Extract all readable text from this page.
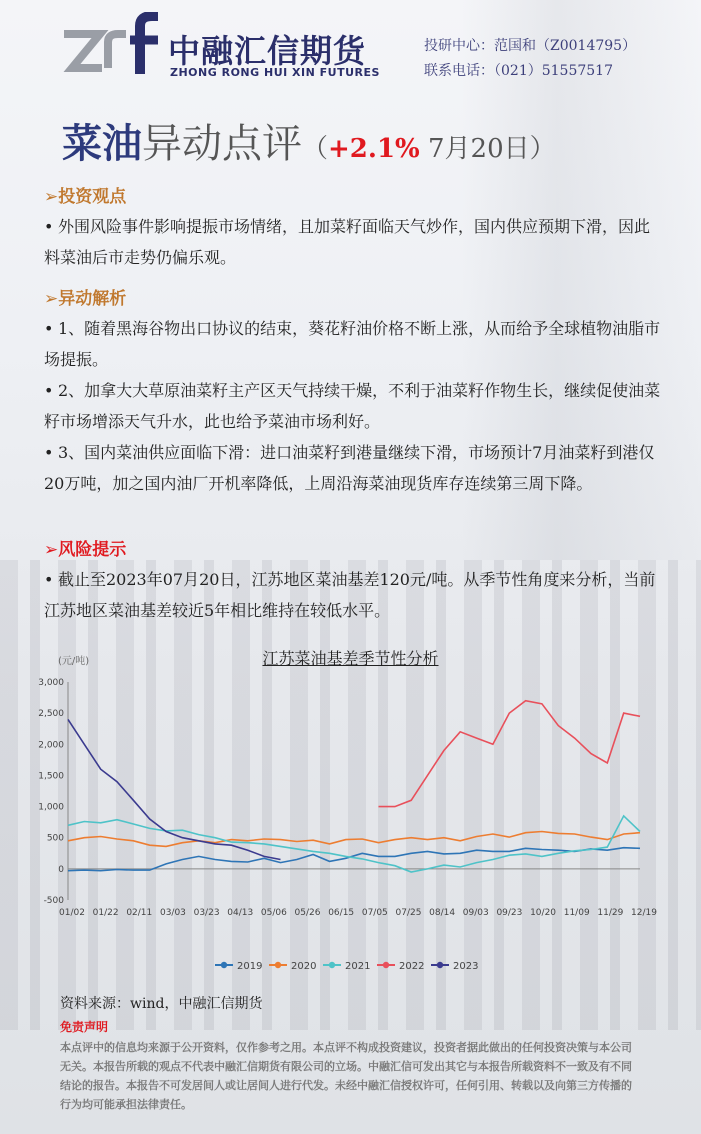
中融汇信期货
ZHONG RONG HUI XIN FUTURES
投研中心：范国和（Z0014795）
联系电话：（021）51557517
菜油异动点评（+2.1% 7月20日）
➢投资观点
• 外围风险事件影响提振市场情绪，且加菜籽面临天气炒作，国内供应预期下滑，因此料菜油后市走势仍偏乐观。
➢异动解析
• 1、随着黑海谷物出口协议的结束，葵花籽油价格不断上涨，从而给予全球植物油脂市场提振。
• 2、加拿大大草原油菜籽主产区天气持续干燥，不利于油菜籽作物生长，继续促使油菜籽市场增添天气升水，此也给予菜油市场利好。
• 3、国内菜油供应面临下滑：进口油菜籽到港量继续下滑，市场预计7月油菜籽到港仅20万吨，加之国内油厂开机率降低，上周沿海菜油现货库存连续第三周下降。
➢风险提示
• 截止至2023年07月20日，江苏地区菜油基差120元/吨。从季节性角度来分析，当前江苏地区菜油基差较近5年相比维持在较低水平。
江苏菜油基差季节性分析
(元/吨)
3,000
2,500
2,000
1,500
1,000
500
0
-500
01/02 01/22 02/11 03/03 03/23 04/13 05/06 05/26 06/15 07/05 07/25 08/14 09/03 09/23 10/20 11/09 11/29 12/19
2019	2020	2021	2022	2023
资料来源：wind，中融汇信期货
免责声明
本点评中的信息均来源于公开资料，仅作参考之用。本点评不构成投资建议，投资者据此做出的任何投资决策与本公司无关。本报告所载的观点不代表中融汇信期货有限公司的立场。中融汇信可发出其它与本报告所载资料不一致及有不同结论的报告。本报告不可发居间人或让居间人进行代发。未经中融汇信授权许可，任何引用、转载以及向第三方传播的行为均可能承担法律责任。
